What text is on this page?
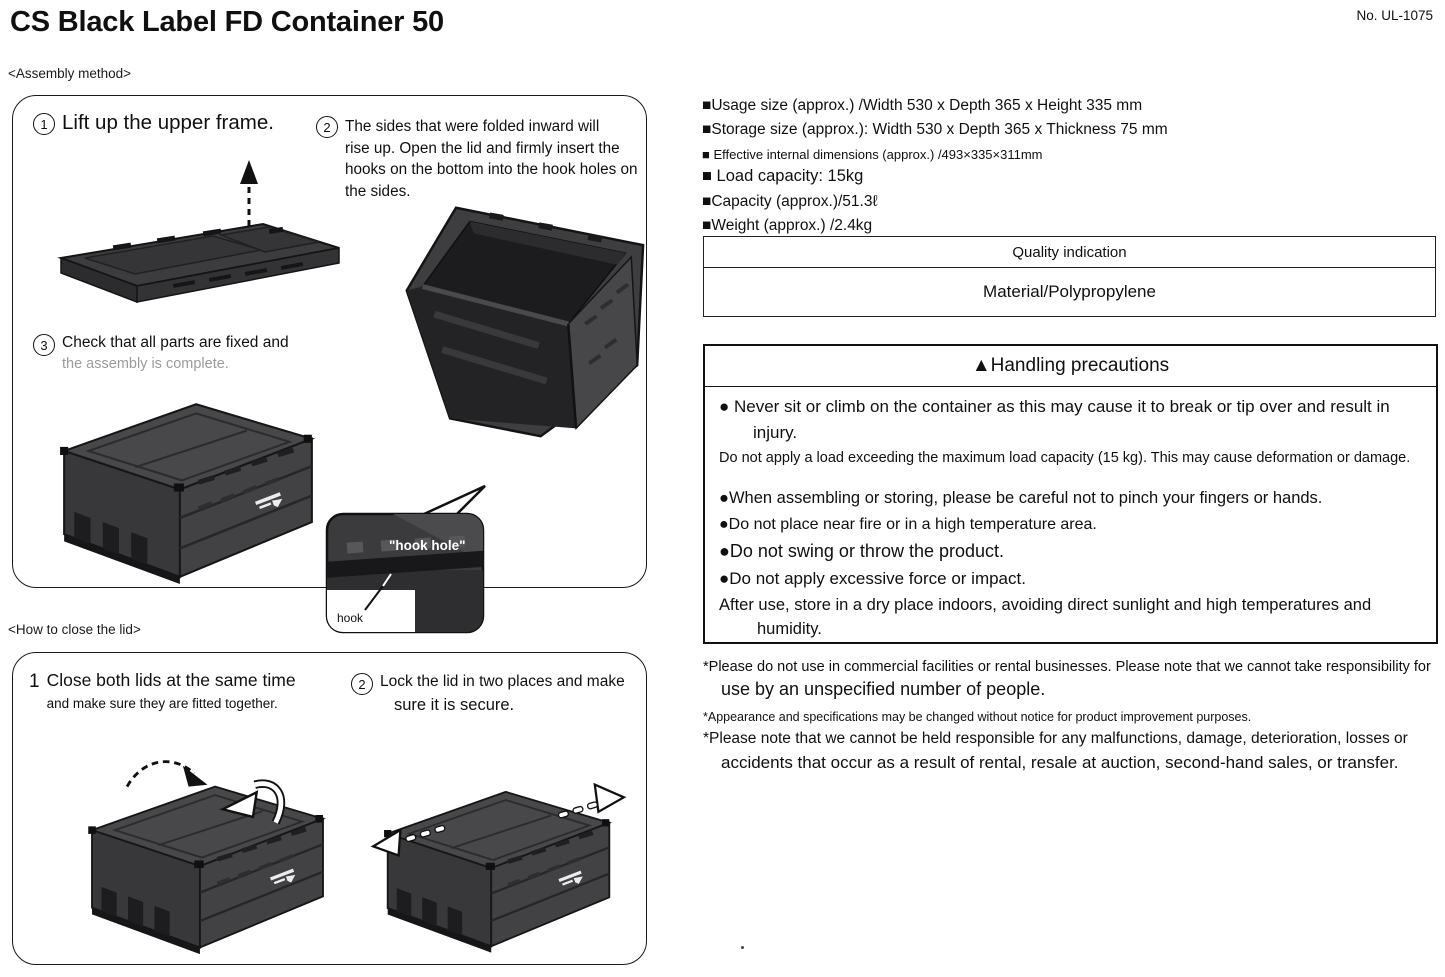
CS Black Label FD Container 50	No. UL-1075
<Assembly method>
1 Lift up the upper frame.	2 The sides that were folded inward will
rise up. Open the lid and firmly insert the
hooks on the bottom into the hook holes on
the sides.
3 Check that all parts are fixed and
the assembly is complete.
"hook hole"
hook
<How to close the lid>
1 Close both lids at the same time
and make sure they are fitted together.
2 Lock the lid in two places and make
sure it is secure.
■Usage size (approx.) /Width 530 x Depth 365 x Height 335 mm
■Storage size (approx.): Width 530 x Depth 365 x Thickness 75 mm
■ Effective internal dimensions (approx.) /493×335×311mm
■ Load capacity: 15kg
■Capacity (approx.)/51.3ℓ
■Weight (approx.) /2.4kg
Quality indication
Material/Polypropylene
▲Handling precautions
● Never sit or climb on the container as this may cause it to break or tip over and result in
injury.
Do not apply a load exceeding the maximum load capacity (15 kg). This may cause deformation or damage.
●When assembling or storing, please be careful not to pinch your fingers or hands.
●Do not place near fire or in a high temperature area.
●Do not swing or throw the product.
●Do not apply excessive force or impact.
After use, store in a dry place indoors, avoiding direct sunlight and high temperatures and
humidity.
*Please do not use in commercial facilities or rental businesses. Please note that we cannot take responsibility for
use by an unspecified number of people.
*Appearance and specifications may be changed without notice for product improvement purposes.
*Please note that we cannot be held responsible for any malfunctions, damage, deterioration, losses or
accidents that occur as a result of rental, resale at auction, second-hand sales, or transfer.
